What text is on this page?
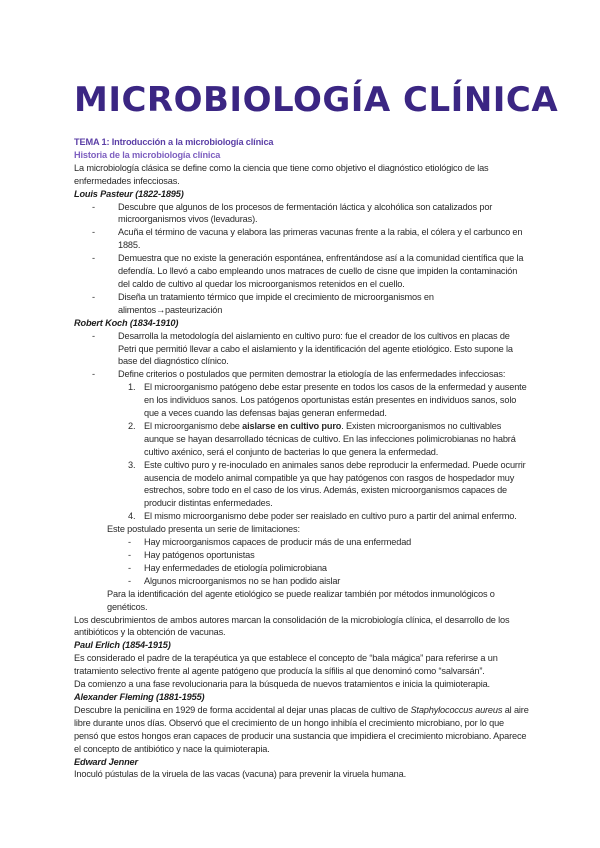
MICROBIOLOGÍA CLÍNICA

TEMA 1: Introducción a la microbiología clínica

Historia de la microbiología clínica

La microbiología clásica se define como la ciencia que tiene como objetivo el diagnóstico etiológico de las enfermedades infecciosas.

Louis Pasteur (1822-1895)

- Descubre que algunos de los procesos de fermentación láctica y alcohólica son catalizados por microorganismos vivos (levaduras).
- Acuña el término de vacuna y elabora las primeras vacunas frente a la rabia, el cólera y el carbunco en 1885.
- Demuestra que no existe la generación espontánea, enfrentándose así a la comunidad científica que la defendía. Lo llevó a cabo empleando unos matraces de cuello de cisne que impiden la contaminación del caldo de cultivo al quedar los microorganismos retenidos en el cuello.
- Diseña un tratamiento térmico que impide el crecimiento de microorganismos en alimentos→pasteurización

Robert Koch (1834-1910)

- Desarrolla la metodología del aislamiento en cultivo puro: fue el creador de los cultivos en placas de Petri que permitió llevar a cabo el aislamiento y la identificación del agente etiológico. Esto supone la base del diagnóstico clínico.
- Define criterios o postulados que permiten demostrar la etiología de las enfermedades infecciosas:
1. El microorganismo patógeno debe estar presente en todos los casos de la enfermedad y ausente en los individuos sanos. Los patógenos oportunistas están presentes en individuos sanos, solo que a veces cuando las defensas bajas generan enfermedad.
2. El microorganismo debe aislarse en cultivo puro. Existen microorganismos no cultivables aunque se hayan desarrollado técnicas de cultivo. En las infecciones polimicrobianas no habrá cultivo axénico, será el conjunto de bacterias lo que genera la enfermedad.
3. Este cultivo puro y re-inoculado en animales sanos debe reproducir la enfermedad. Puede ocurrir ausencia de modelo animal compatible ya que hay patógenos con rasgos de hospedador muy estrechos, sobre todo en el caso de los virus. Además, existen microorganismos capaces de producir distintas enfermedades.
4. El mismo microorganismo debe poder ser reaislado en cultivo puro a partir del animal enfermo.

Este postulado presenta un serie de limitaciones:

- Hay microorganismos capaces de producir más de una enfermedad
- Hay patógenos oportunistas
- Hay enfermedades de etiología polimicrobiana
- Algunos microorganismos no se han podido aislar

Para la identificación del agente etiológico se puede realizar también por métodos inmunológicos o genéticos.

Los descubrimientos de ambos autores marcan la consolidación de la microbiología clínica, el desarrollo de los antibióticos y la obtención de vacunas.

Paul Erlich (1854-1915)

Es considerado el padre de la terapéutica ya que establece el concepto de “bala mágica” para referirse a un tratamiento selectivo frente al agente patógeno que producía la sífilis al que denominó como “salvarsán”.

Da comienzo a una fase revolucionaria para la búsqueda de nuevos tratamientos e inicia la quimioterapia.

Alexander Fleming (1881-1955)

Descubre la penicilina en 1929 de forma accidental al dejar unas placas de cultivo de Staphylococcus aureus al aire libre durante unos días. Observó que el crecimiento de un hongo inhibía el crecimiento microbiano, por lo que pensó que estos hongos eran capaces de producir una sustancia que impidiera el crecimiento microbiano. Aparece el concepto de antibiótico y nace la quimioterapia.

Edward Jenner

Inoculó pústulas de la viruela de las vacas (vacuna) para prevenir la viruela humana.
